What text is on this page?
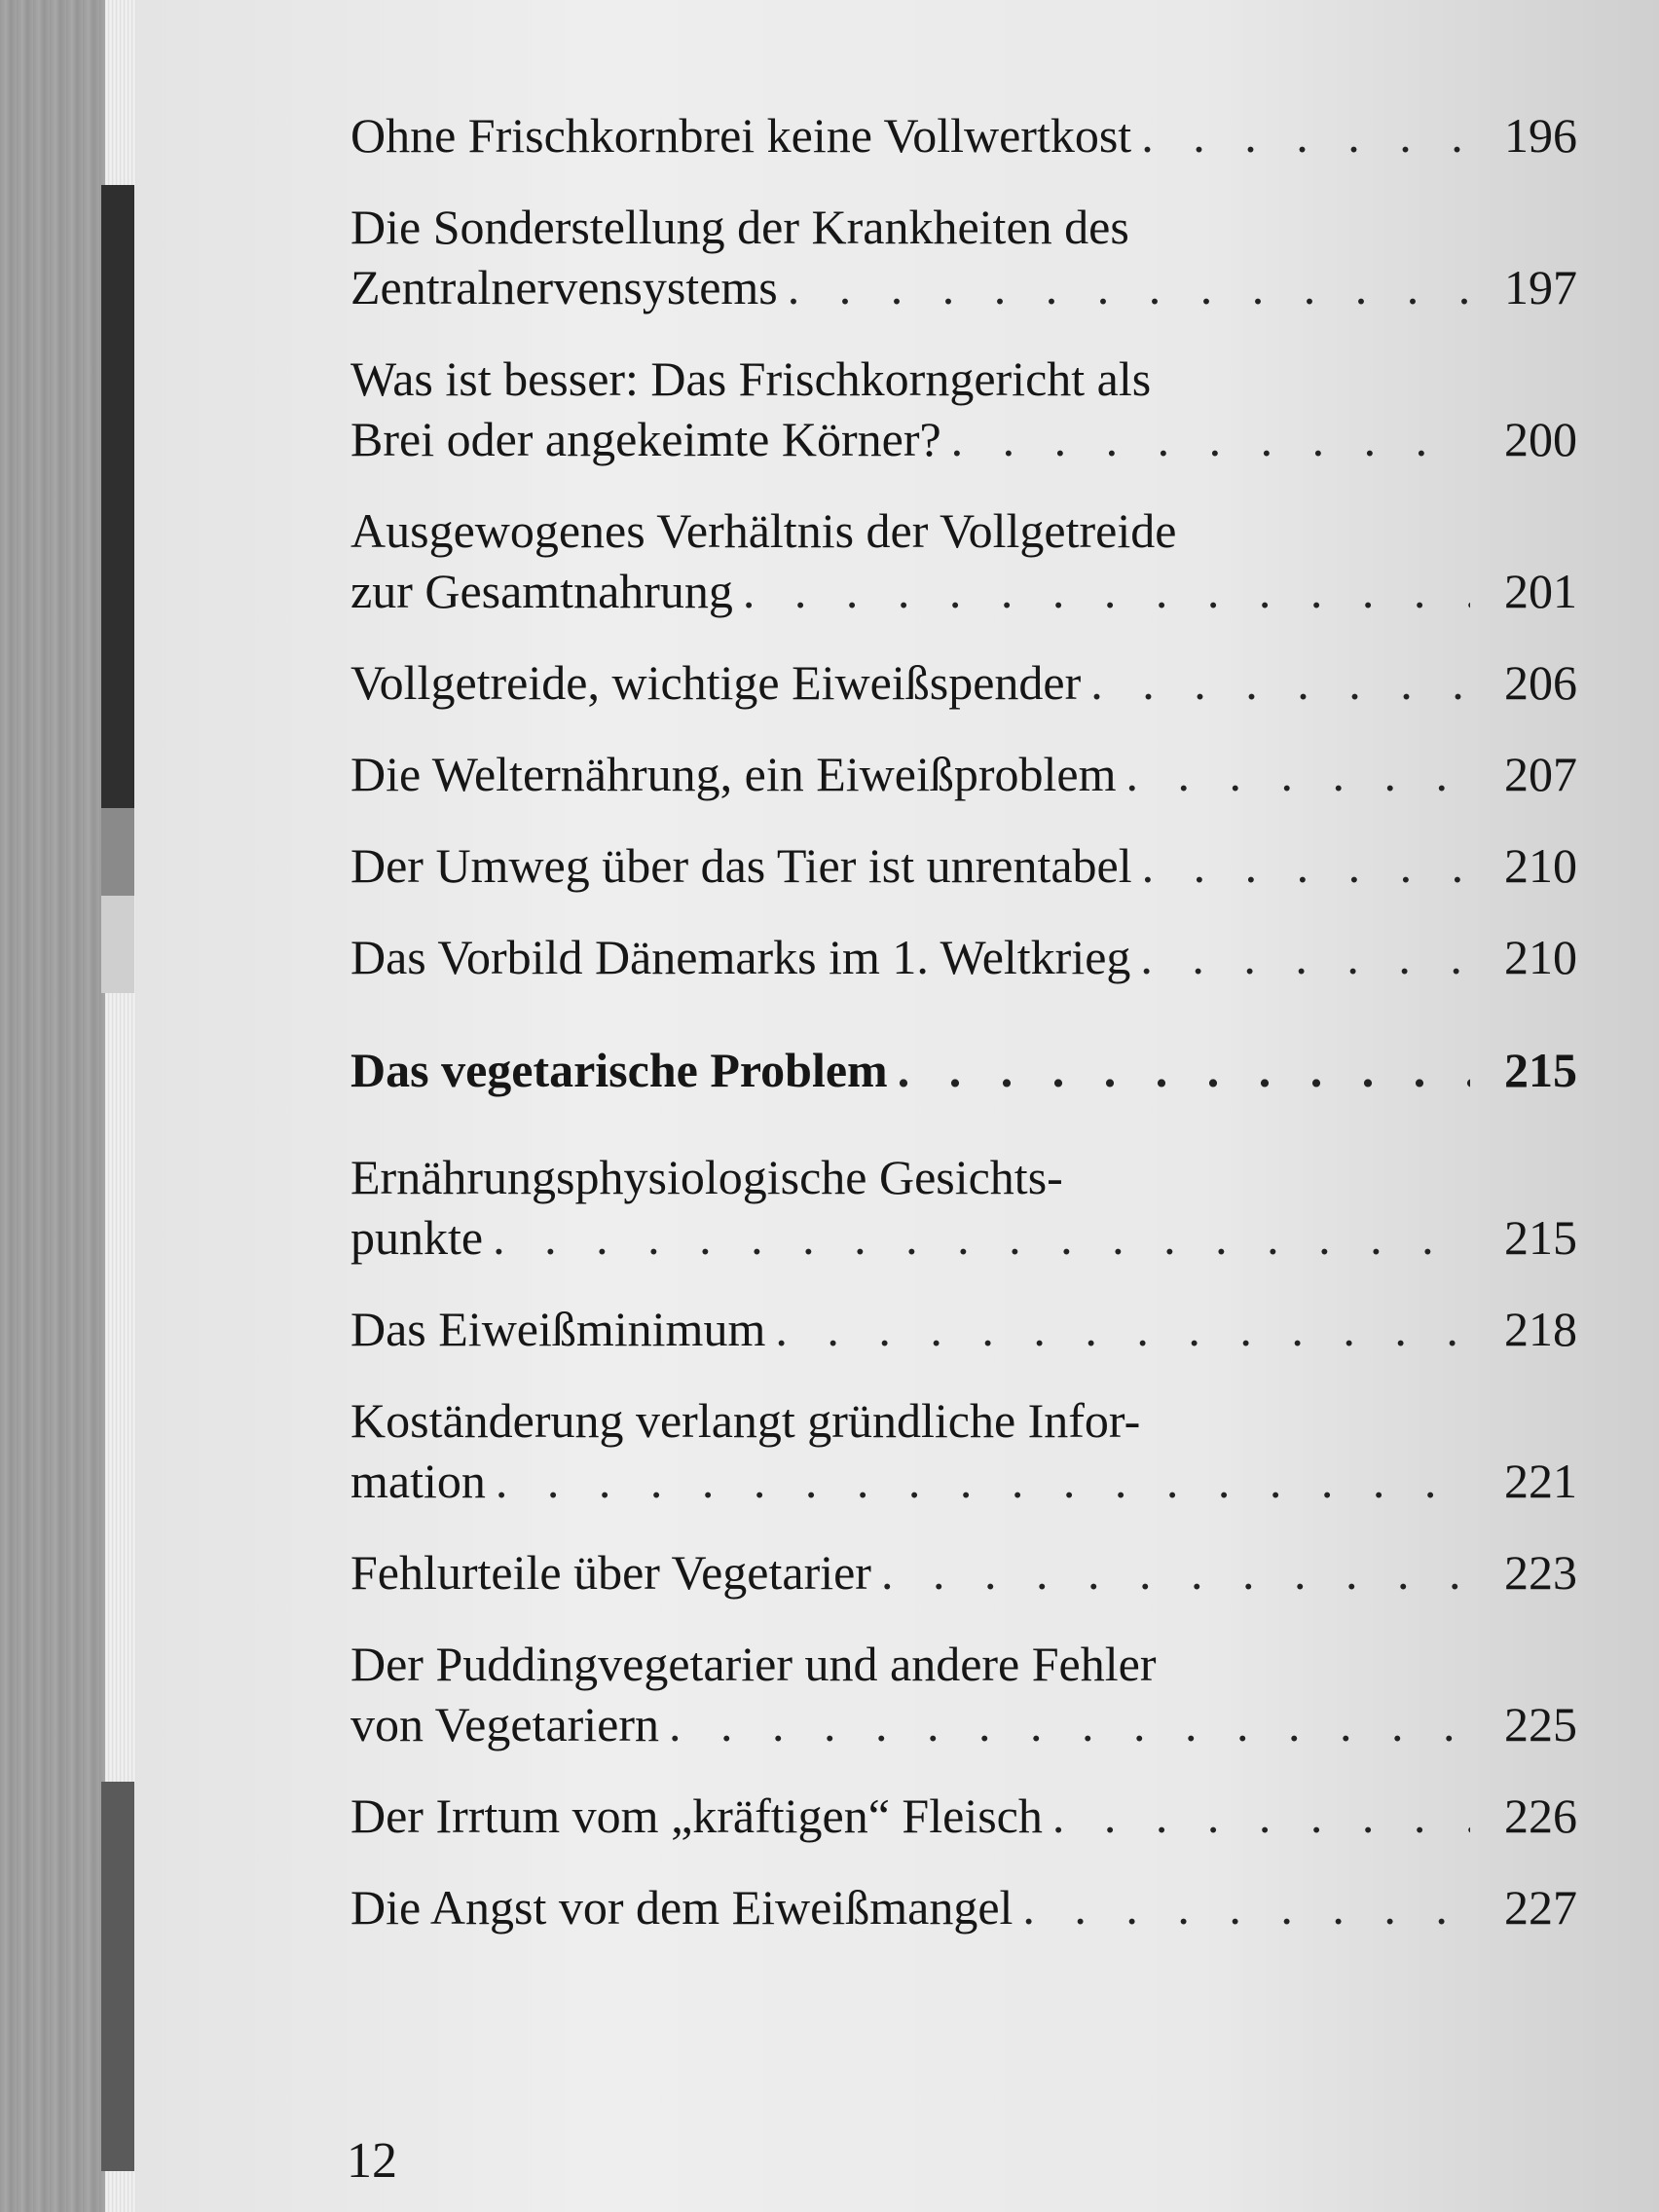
Ohne Frischkornbrei keine Vollwertkost . . .	196
Die Sonderstellung der Krankheiten des
Zentralnervensystems . . .	197
Was ist besser: Das Frischkorngericht als
Brei oder angekeimte Körner? . . .	200
Ausgewogenes Verhältnis der Vollgetreide
zur Gesamtnahrung . . .	201
Vollgetreide, wichtige Eiweißspender . . .	206
Die Welternährung, ein Eiweißproblem . . .	207
Der Umweg über das Tier ist unrentabel . . .	210
Das Vorbild Dänemarks im 1. Weltkrieg . . .	210
Das vegetarische Problem . . .	215
Ernährungsphysiologische Gesichts-
punkte . . .	215
Das Eiweißminimum . . .	218
Koständerung verlangt gründliche Infor-
mation . . .	221
Fehlurteile über Vegetarier . . .	223
Der Puddingvegetarier und andere Fehler
von Vegetariern . . .	225
Der Irrtum vom „kräftigen“ Fleisch . . .	226
Die Angst vor dem Eiweißmangel . . .	227
12
